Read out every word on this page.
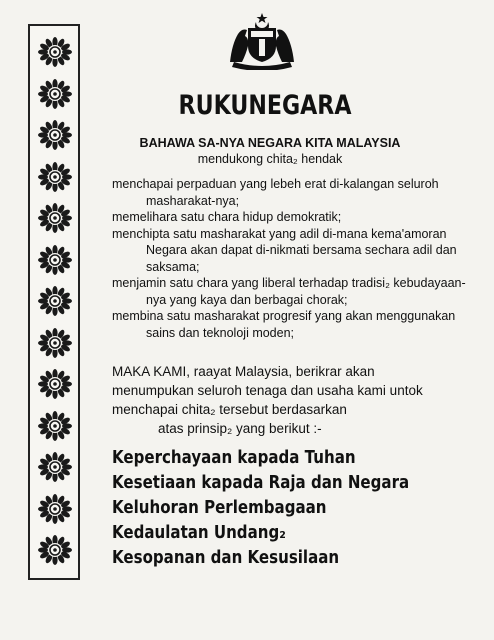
RUKUNEGARA
BAHAWA SA-NYA NEGARA KITA MALAYSIA
mendukong chita₂ hendak

menchapai perpaduan yang lebeh erat di-kalangan seluroh masharakat-nya;

memelihara satu chara hidup demokratik;

menchipta satu masharakat yang adil di-mana kema'amoran Negara akan dapat di-nikmati bersama sechara adil dan saksama;

menjamin satu chara yang liberal terhadap tradisi₂ kebudayaan-nya yang kaya dan berbagai chorak;

membina satu masharakat progresif yang akan menggunakan sains dan teknoloji moden;

MAKA KAMI, raayat Malaysia, berikrar akan menumpukan seluroh tenaga dan usaha kami untok menchapai chita₂ tersebut berdasarkan
atas prinsip₂ yang berikut :-
Keperchayaan kapada Tuhan
Kesetiaan kapada Raja dan Negara
Keluhoran Perlembagaan
Kedaulatan Undang₂
Kesopanan dan Kesusilaan
